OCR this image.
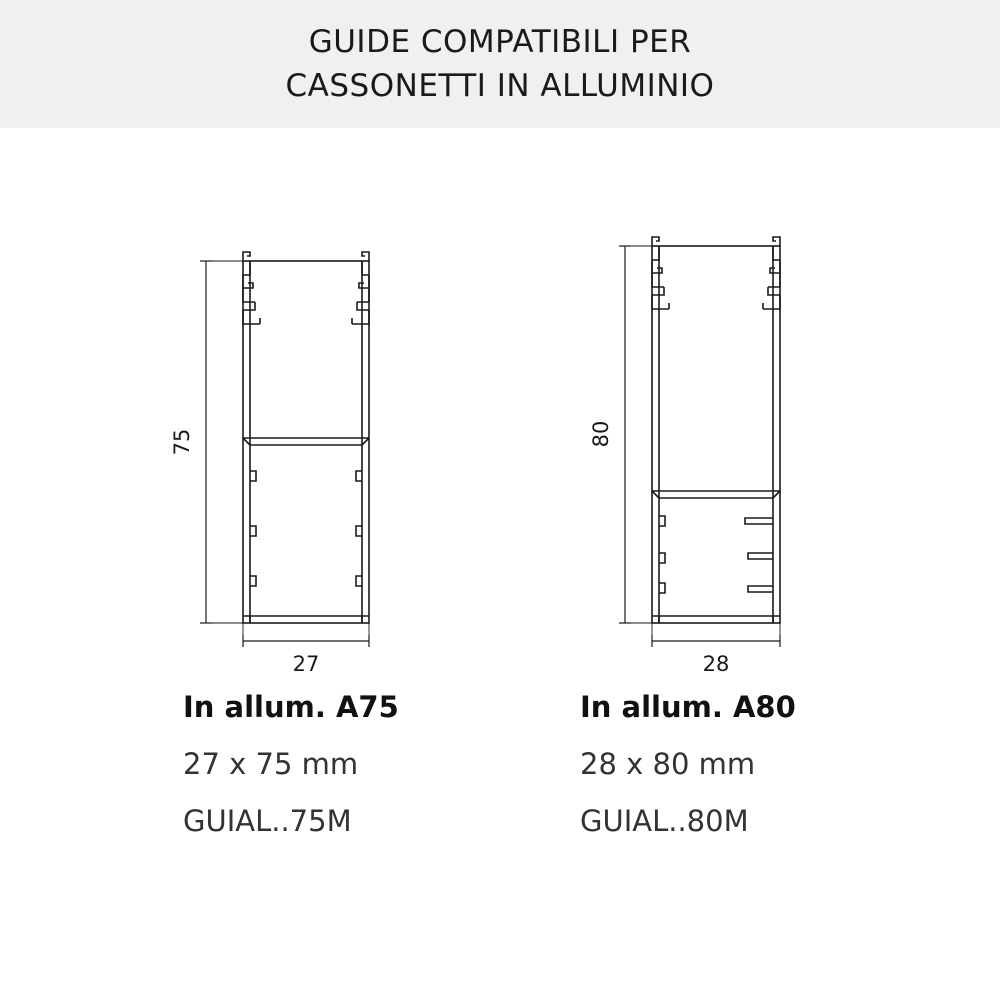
GUIDE COMPATIBILI PER
CASSONETTI IN ALLUMINIO
75
27
In allum. A75
27 x 75 mm
GUIAL..75M
80
28
In allum. A80
28 x 80 mm
GUIAL..80M
